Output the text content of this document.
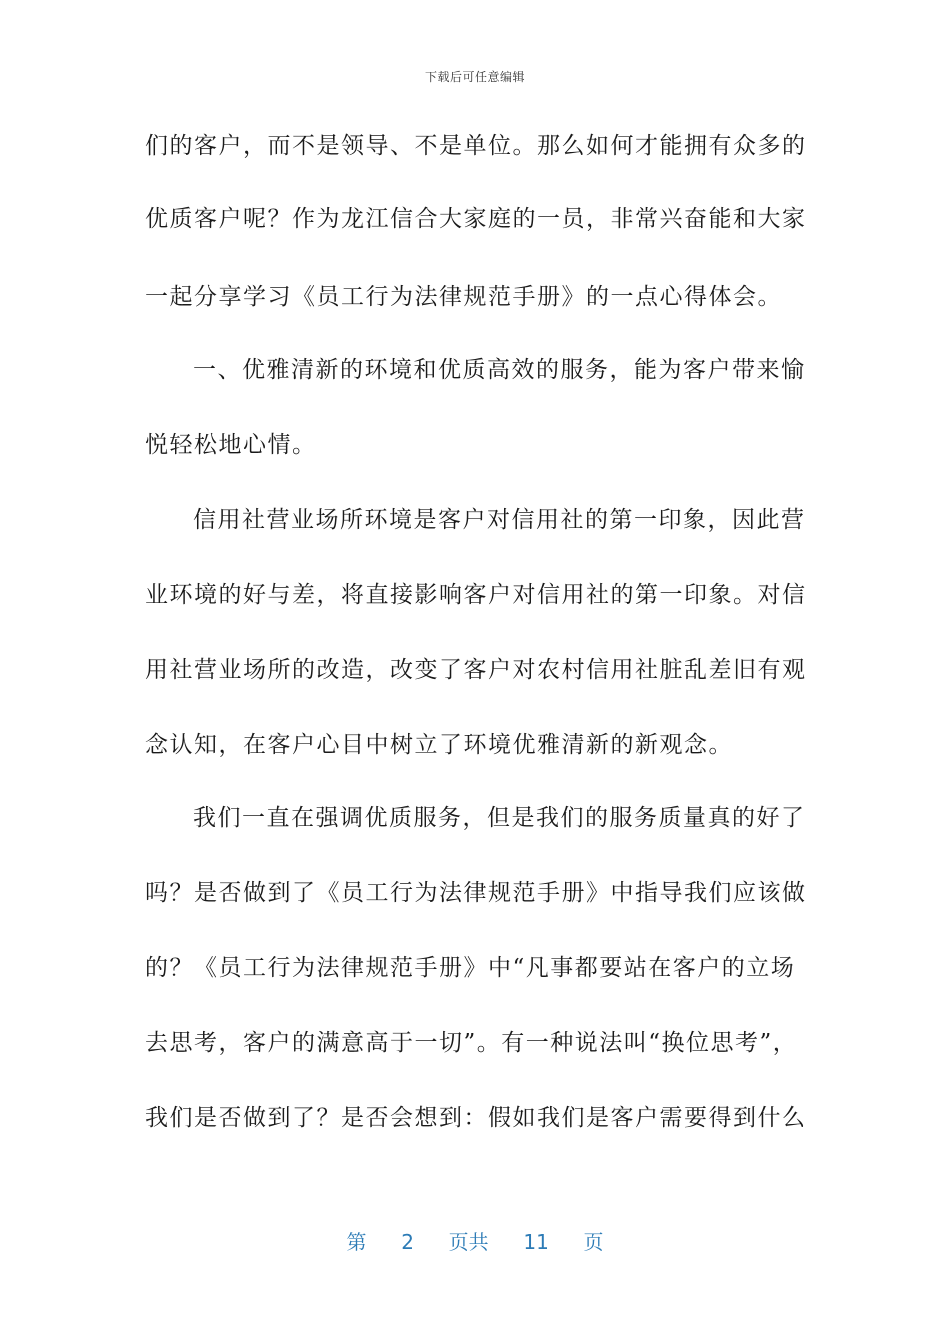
下载后可任意编辑
们的客户，而不是领导、不是单位。那么如何才能拥有众多的
优质客户呢？作为龙江信合大家庭的一员，非常兴奋能和大家
一起分享学习《员工行为法律规范手册》的一点心得体会。
一、优雅清新的环境和优质高效的服务，能为客户带来愉
悦轻松地心情。
信用社营业场所环境是客户对信用社的第一印象，因此营
业环境的好与差，将直接影响客户对信用社的第一印象。对信
用社营业场所的改造，改变了客户对农村信用社脏乱差旧有观
念认知，在客户心目中树立了环境优雅清新的新观念。
我们一直在强调优质服务，但是我们的服务质量真的好了
吗？是否做到了《员工行为法律规范手册》中指导我们应该做
的？《员工行为法律规范手册》中“凡事都要站在客户的立场
去思考，客户的满意高于一切”。有一种说法叫“换位思考”，
我们是否做到了？是否会想到：假如我们是客户需要得到什么
第 2 页共 11 页
